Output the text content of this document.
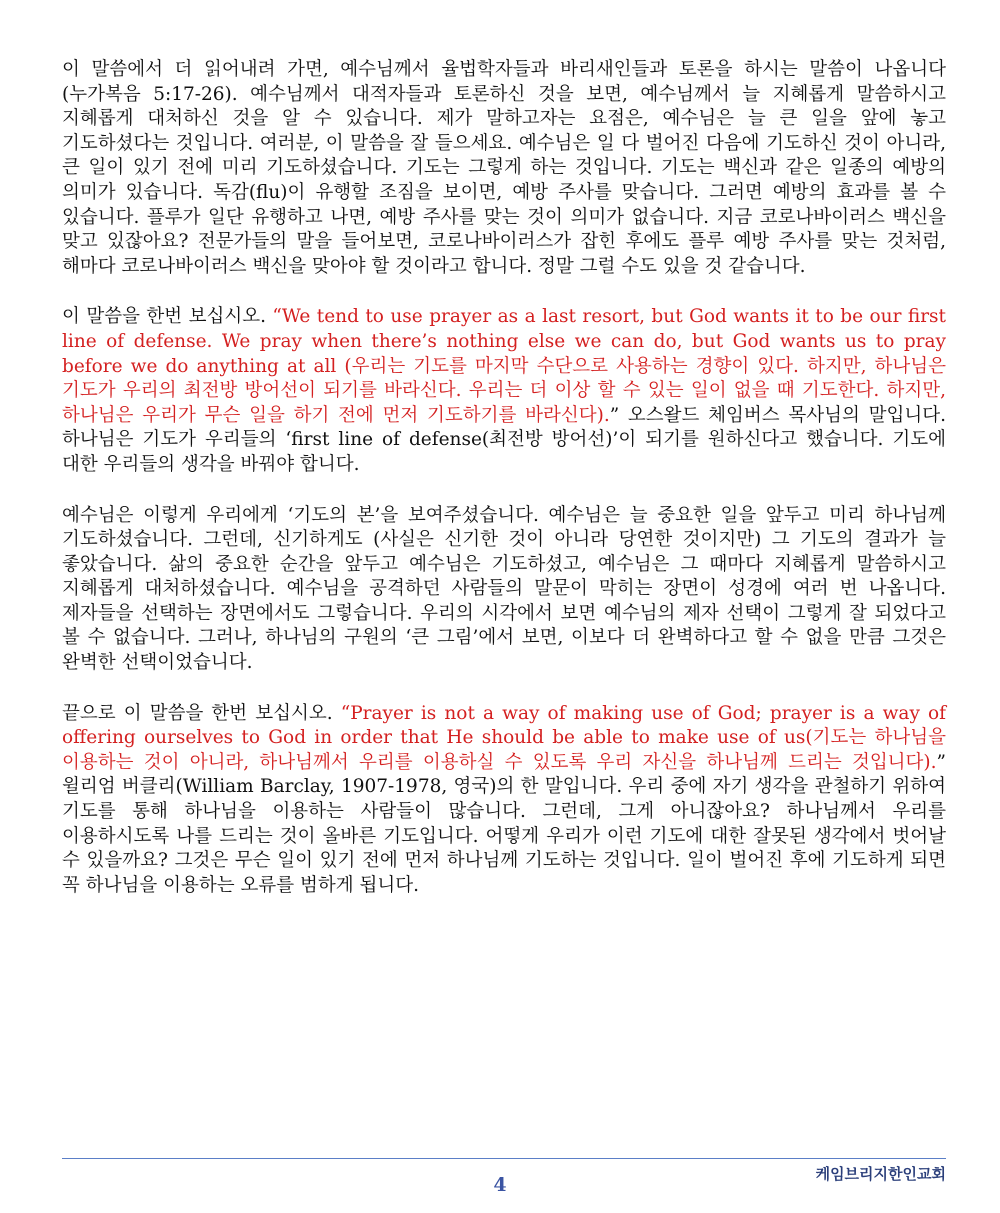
이 말씀에서 더 읽어내려 가면, 예수님께서 율법학자들과 바리새인들과 토론을 하시는 말씀이 나옵니다(누가복음 5:17-26). 예수님께서 대적자들과 토론하신 것을 보면, 예수님께서 늘 지혜롭게 말씀하시고 지혜롭게 대처하신 것을 알 수 있습니다. 제가 말하고자는 요점은, 예수님은 늘 큰 일을 앞에 놓고 기도하셨다는 것입니다. 여러분, 이 말씀을 잘 들으세요. 예수님은 일 다 벌어진 다음에 기도하신 것이 아니라, 큰 일이 있기 전에 미리 기도하셨습니다. 기도는 그렇게 하는 것입니다. 기도는 백신과 같은 일종의 예방의 의미가 있습니다. 독감(flu)이 유행할 조짐을 보이면, 예방 주사를 맞습니다. 그러면 예방의 효과를 볼 수 있습니다. 플루가 일단 유행하고 나면, 예방 주사를 맞는 것이 의미가 없습니다. 지금 코로나바이러스 백신을 맞고 있잖아요? 전문가들의 말을 들어보면, 코로나바이러스가 잡힌 후에도 플루 예방 주사를 맞는 것처럼, 해마다 코로나바이러스 백신을 맞아야 할 것이라고 합니다. 정말 그럴 수도 있을 것 같습니다.

이 말씀을 한번 보십시오. “We tend to use prayer as a last resort, but God wants it to be our first line of defense. We pray when there’s nothing else we can do, but God wants us to pray before we do anything at all (우리는 기도를 마지막 수단으로 사용하는 경향이 있다. 하지만, 하나님은 기도가 우리의 최전방 방어선이 되기를 바라신다. 우리는 더 이상 할 수 있는 일이 없을 때 기도한다. 하지만, 하나님은 우리가 무슨 일을 하기 전에 먼저 기도하기를 바라신다).” 오스왈드 체임버스 목사님의 말입니다. 하나님은 기도가 우리들의 ‘first line of defense(최전방 방어선)’이 되기를 원하신다고 했습니다. 기도에 대한 우리들의 생각을 바꿔야 합니다.

예수님은 이렇게 우리에게 ‘기도의 본’을 보여주셨습니다. 예수님은 늘 중요한 일을 앞두고 미리 하나님께 기도하셨습니다. 그런데, 신기하게도 (사실은 신기한 것이 아니라 당연한 것이지만) 그 기도의 결과가 늘 좋았습니다. 삶의 중요한 순간을 앞두고 예수님은 기도하셨고, 예수님은 그 때마다 지혜롭게 말씀하시고 지혜롭게 대처하셨습니다. 예수님을 공격하던 사람들의 말문이 막히는 장면이 성경에 여러 번 나옵니다. 제자들을 선택하는 장면에서도 그렇습니다. 우리의 시각에서 보면 예수님의 제자 선택이 그렇게 잘 되었다고 볼 수 없습니다. 그러나, 하나님의 구원의 ‘큰 그림’에서 보면, 이보다 더 완벽하다고 할 수 없을 만큼 그것은 완벽한 선택이었습니다.

끝으로 이 말씀을 한번 보십시오. “Prayer is not a way of making use of God; prayer is a way of offering ourselves to God in order that He should be able to make use of us(기도는 하나님을 이용하는 것이 아니라, 하나님께서 우리를 이용하실 수 있도록 우리 자신을 하나님께 드리는 것입니다).” 윌리엄 버클리(William Barclay, 1907-1978, 영국)의 한 말입니다. 우리 중에 자기 생각을 관철하기 위하여 기도를 통해 하나님을 이용하는 사람들이 많습니다. 그런데, 그게 아니잖아요? 하나님께서 우리를 이용하시도록 나를 드리는 것이 올바른 기도입니다. 어떻게 우리가 이런 기도에 대한 잘못된 생각에서 벗어날 수 있을까요? 그것은 무슨 일이 있기 전에 먼저 하나님께 기도하는 것입니다. 일이 벌어진 후에 기도하게 되면 꼭 하나님을 이용하는 오류를 범하게 됩니다.

케임브리지한인교회
4
